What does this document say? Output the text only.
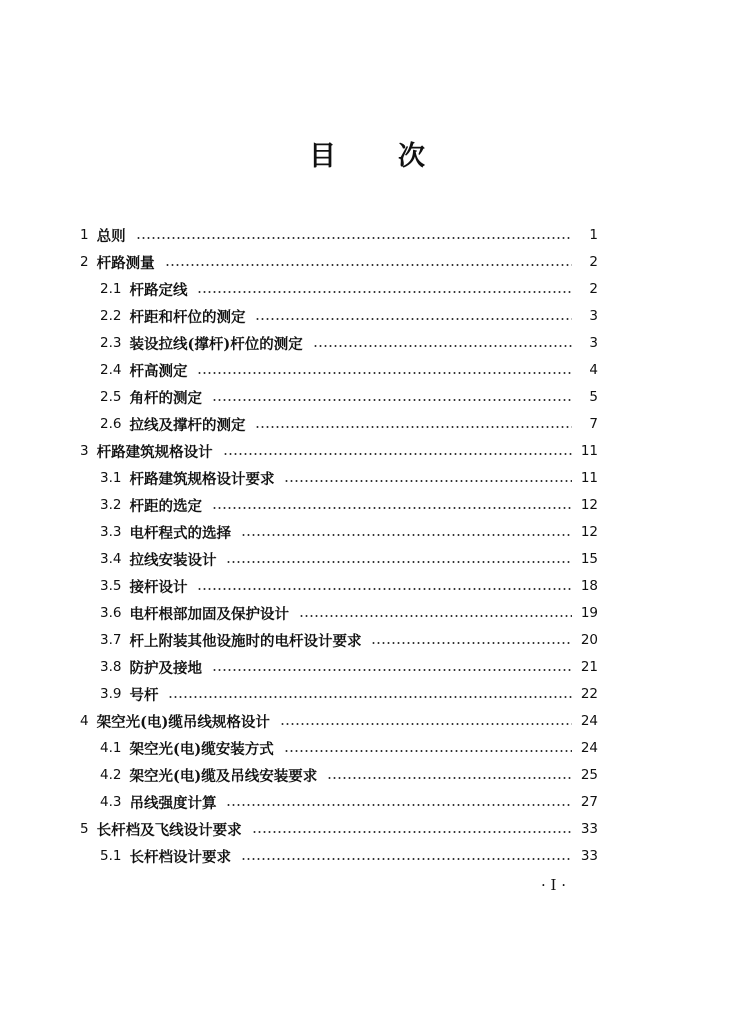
目 次
1 总则	1
2 杆路测量	2
2.1 杆路定线	2
2.2 杆距和杆位的测定	3
2.3 装设拉线(撑杆)杆位的测定	3
2.4 杆高测定	4
2.5 角杆的测定	5
2.6 拉线及撑杆的测定	7
3 杆路建筑规格设计	11
3.1 杆路建筑规格设计要求	11
3.2 杆距的选定	12
3.3 电杆程式的选择	12
3.4 拉线安装设计	15
3.5 接杆设计	18
3.6 电杆根部加固及保护设计	19
3.7 杆上附装其他设施时的电杆设计要求	20
3.8 防护及接地	21
3.9 号杆	22
4 架空光(电)缆吊线规格设计	24
4.1 架空光(电)缆安装方式	24
4.2 架空光(电)缆及吊线安装要求	25
4.3 吊线强度计算	27
5 长杆档及飞线设计要求	33
5.1 长杆档设计要求	33
· I ·
